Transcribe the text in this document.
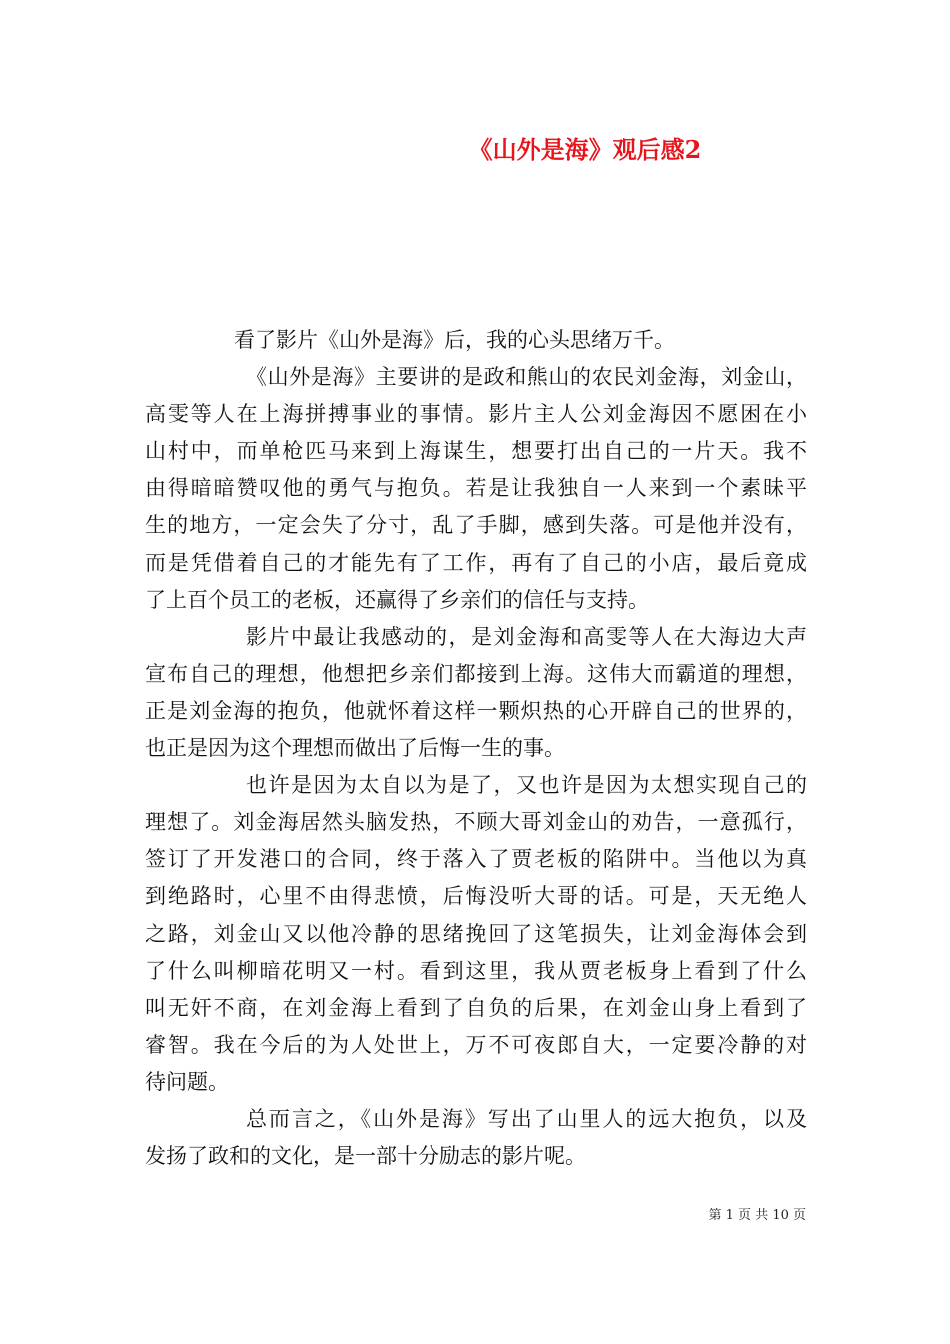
《山外是海》观后感2
看了影片《山外是海》后，我的心头思绪万千。
《山外是海》主要讲的是政和熊山的农民刘金海，刘金山，
高雯等人在上海拼搏事业的事情。影片主人公刘金海因不愿困在小
山村中，而单枪匹马来到上海谋生，想要打出自己的一片天。我不
由得暗暗赞叹他的勇气与抱负。若是让我独自一人来到一个素昧平
生的地方，一定会失了分寸，乱了手脚，感到失落。可是他并没有，
而是凭借着自己的才能先有了工作，再有了自己的小店，最后竟成
了上百个员工的老板，还赢得了乡亲们的信任与支持。
影片中最让我感动的，是刘金海和高雯等人在大海边大声
宣布自己的理想，他想把乡亲们都接到上海。这伟大而霸道的理想，
正是刘金海的抱负，他就怀着这样一颗炽热的心开辟自己的世界的，
也正是因为这个理想而做出了后悔一生的事。
也许是因为太自以为是了，又也许是因为太想实现自己的
理想了。刘金海居然头脑发热，不顾大哥刘金山的劝告，一意孤行，
签订了开发港口的合同，终于落入了贾老板的陷阱中。当他以为真
到绝路时，心里不由得悲愤，后悔没听大哥的话。可是，天无绝人
之路，刘金山又以他冷静的思绪挽回了这笔损失，让刘金海体会到
了什么叫柳暗花明又一村。看到这里，我从贾老板身上看到了什么
叫无奸不商，在刘金海上看到了自负的后果，在刘金山身上看到了
睿智。我在今后的为人处世上，万不可夜郎自大，一定要冷静的对
待问题。
总而言之，《山外是海》写出了山里人的远大抱负，以及
发扬了政和的文化，是一部十分励志的影片呢。
第 1 页 共 10 页
